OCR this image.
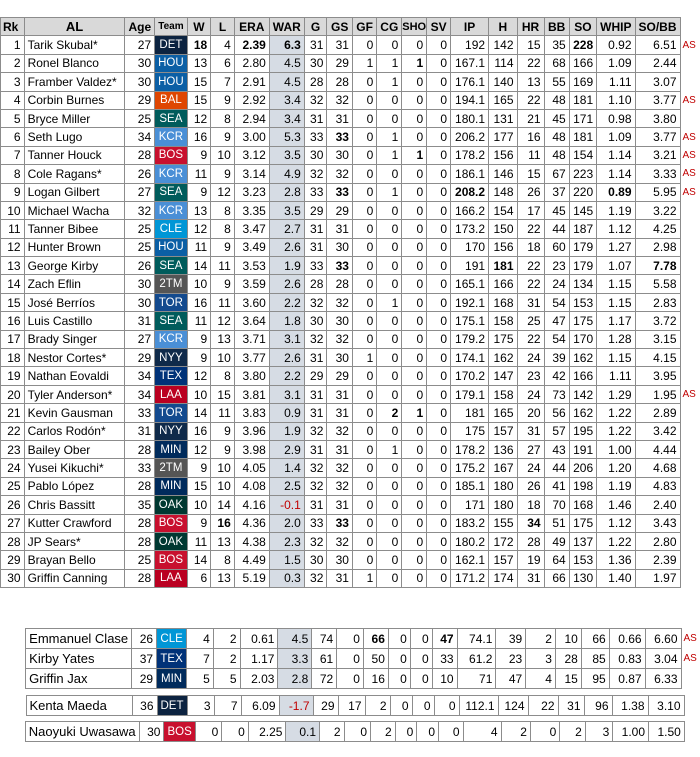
Rk	AL	Age	Team	W	L	ERA	WAR	G	GS	GF	CG	SHO	SV	IP	H	HR	BB	SO	WHIP	SO/BB	
1	Tarik Skubal*	27	DET	18	4	2.39	6.3	31	31	0	0	0	0	192	142	15	35	228	0.92	6.51	AS
2	Ronel Blanco	30	HOU	13	6	2.80	4.5	30	29	1	1	1	0	167.1	114	22	68	166	1.09	2.44	
3	Framber Valdez*	30	HOU	15	7	2.91	4.5	28	28	0	1	0	0	176.1	140	13	55	169	1.11	3.07	
4	Corbin Burnes	29	BAL	15	9	2.92	3.4	32	32	0	0	0	0	194.1	165	22	48	181	1.10	3.77	AS
5	Bryce Miller	25	SEA	12	8	2.94	3.4	31	31	0	0	0	0	180.1	131	21	45	171	0.98	3.80	
6	Seth Lugo	34	KCR	16	9	3.00	5.3	33	33	0	1	0	0	206.2	177	16	48	181	1.09	3.77	AS
7	Tanner Houck	28	BOS	9	10	3.12	3.5	30	30	0	1	1	0	178.2	156	11	48	154	1.14	3.21	AS
8	Cole Ragans*	26	KCR	11	9	3.14	4.9	32	32	0	0	0	0	186.1	146	15	67	223	1.14	3.33	AS
9	Logan Gilbert	27	SEA	9	12	3.23	2.8	33	33	0	1	0	0	208.2	148	26	37	220	0.89	5.95	AS
10	Michael Wacha	32	KCR	13	8	3.35	3.5	29	29	0	0	0	0	166.2	154	17	45	145	1.19	3.22	
11	Tanner Bibee	25	CLE	12	8	3.47	2.7	31	31	0	0	0	0	173.2	150	22	44	187	1.12	4.25	
12	Hunter Brown	25	HOU	11	9	3.49	2.6	31	30	0	0	0	0	170	156	18	60	179	1.27	2.98	
13	George Kirby	26	SEA	14	11	3.53	1.9	33	33	0	0	0	0	191	181	22	23	179	1.07	7.78	
14	Zach Eflin	30	2TM	10	9	3.59	2.6	28	28	0	0	0	0	165.1	166	22	24	134	1.15	5.58	
15	José Berríos	30	TOR	16	11	3.60	2.2	32	32	0	1	0	0	192.1	168	31	54	153	1.15	2.83	
16	Luis Castillo	31	SEA	11	12	3.64	1.8	30	30	0	0	0	0	175.1	158	25	47	175	1.17	3.72	
17	Brady Singer	27	KCR	9	13	3.71	3.1	32	32	0	0	0	0	179.2	175	22	54	170	1.28	3.15	
18	Nestor Cortes*	29	NYY	9	10	3.77	2.6	31	30	1	0	0	0	174.1	162	24	39	162	1.15	4.15	
19	Nathan Eovaldi	34	TEX	12	8	3.80	2.2	29	29	0	0	0	0	170.2	147	23	42	166	1.11	3.95	
20	Tyler Anderson*	34	LAA	10	15	3.81	3.1	31	31	0	0	0	0	179.1	158	24	73	142	1.29	1.95	AS
21	Kevin Gausman	33	TOR	14	11	3.83	0.9	31	31	0	2	1	0	181	165	20	56	162	1.22	2.89	
22	Carlos Rodón*	31	NYY	16	9	3.96	1.9	32	32	0	0	0	0	175	157	31	57	195	1.22	3.42	
23	Bailey Ober	28	MIN	12	9	3.98	2.9	31	31	0	1	0	0	178.2	136	27	43	191	1.00	4.44	
24	Yusei Kikuchi*	33	2TM	9	10	4.05	1.4	32	32	0	0	0	0	175.2	167	24	44	206	1.20	4.68	
25	Pablo López	28	MIN	15	10	4.08	2.5	32	32	0	0	0	0	185.1	180	26	41	198	1.19	4.83	
26	Chris Bassitt	35	OAK	10	14	4.16	-0.1	31	31	0	0	0	0	171	180	18	70	168	1.46	2.40	
27	Kutter Crawford	28	BOS	9	16	4.36	2.0	33	33	0	0	0	0	183.2	155	34	51	175	1.12	3.43	
28	JP Sears*	28	OAK	11	13	4.38	2.3	32	32	0	0	0	0	180.2	172	28	49	137	1.22	2.80	
29	Brayan Bello	25	BOS	14	8	4.49	1.5	30	30	0	0	0	0	162.1	157	19	64	153	1.36	2.39	
30	Griffin Canning	28	LAA	6	13	5.19	0.3	32	31	1	0	0	0	171.2	174	31	66	130	1.40	1.97	
	Emmanuel Clase	26	CLE	4	2	0.61	4.5	74	0	66	0	0	47	74.1	39	2	10	66	0.66	6.60	AS
	Kirby Yates	37	TEX	7	2	1.17	3.3	61	0	50	0	0	33	61.2	23	3	28	85	0.83	3.04	AS
	Griffin Jax	29	MIN	5	5	2.03	2.8	72	0	16	0	0	10	71	47	4	15	95	0.87	6.33	
	Kenta Maeda	36	DET	3	7	6.09	-1.7	29	17	2	0	0	0	112.1	124	22	31	96	1.38	3.10	
	Naoyuki Uwasawa	30	BOS	0	0	2.25	0.1	2	0	2	0	0	0	4	2	0	2	3	1.00	1.50	
